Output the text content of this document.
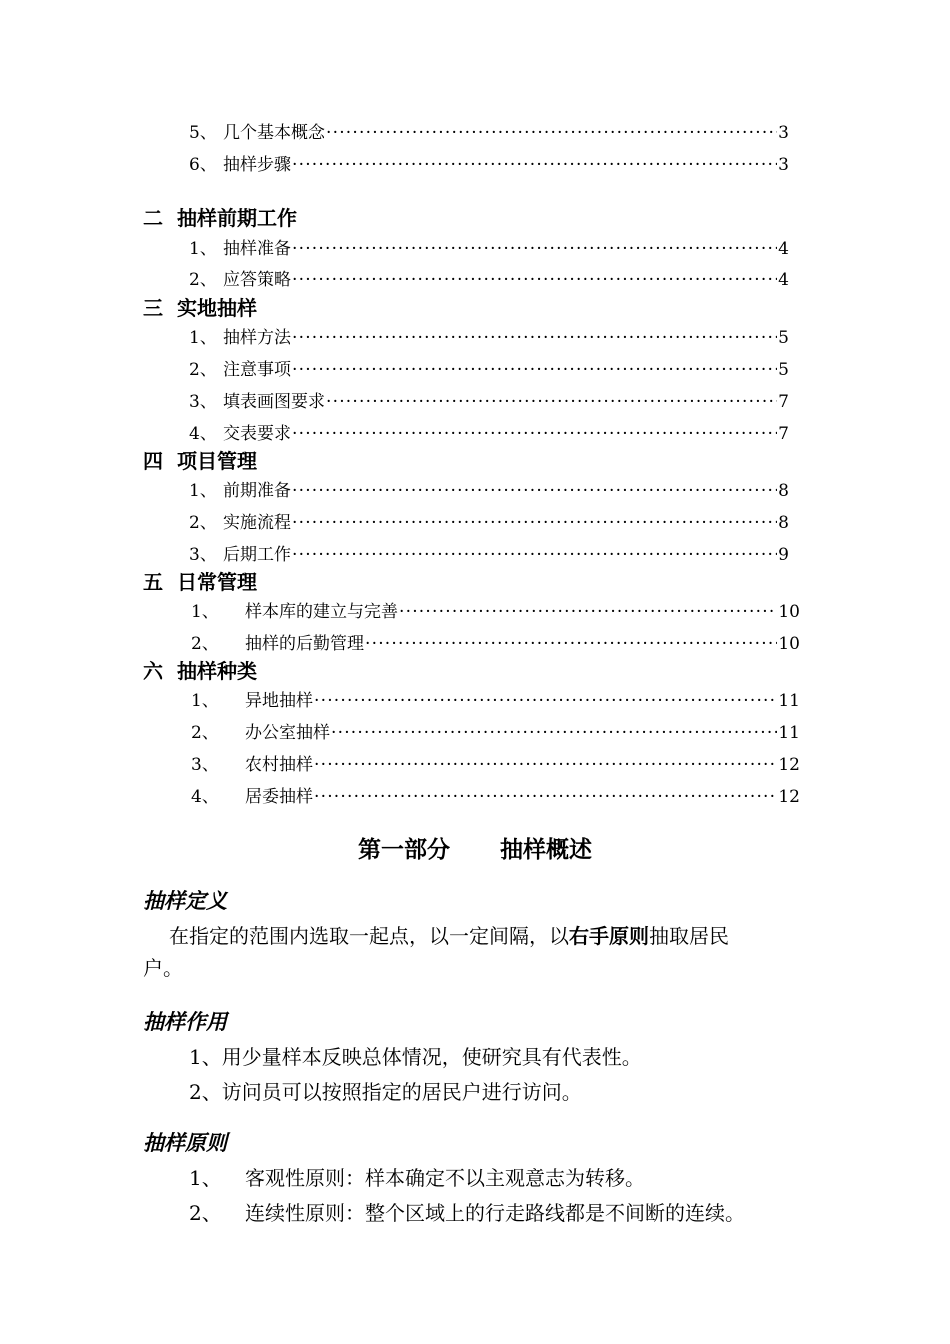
5、 几个基本概念 ·····	3
6、 抽样步骤 ·····	3
二 抽样前期工作
1、 抽样准备 ·····	4
2、 应答策略 ·····	4
三 实地抽样
1、 抽样方法 ·····	5
2、 注意事项 ·····	5
3、 填表画图要求 ·····	7
4、 交表要求 ·····	7
四 项目管理
1、 前期准备 ·····	8
2、 实施流程 ·····	8
3、 后期工作 ·····	9
五 日常管理
1、	样本库的建立与完善 ·····	10
2、	抽样的后勤管理 ·····	10
六 抽样种类
1、	异地抽样 ·····	11
2、	办公室抽样 ·····	11
3、	农村抽样 ·····	12
4、	居委抽样 ·····	12
第一部分 抽样概述
抽样定义
在指定的范围内选取一起点，以一定间隔，以右手原则抽取居民
户。
抽样作用
1、用少量样本反映总体情况，使研究具有代表性。
2、访问员可以按照指定的居民户进行访问。
抽样原则
1、 客观性原则：样本确定不以主观意志为转移。
2、 连续性原则：整个区域上的行走路线都是不间断的连续。
